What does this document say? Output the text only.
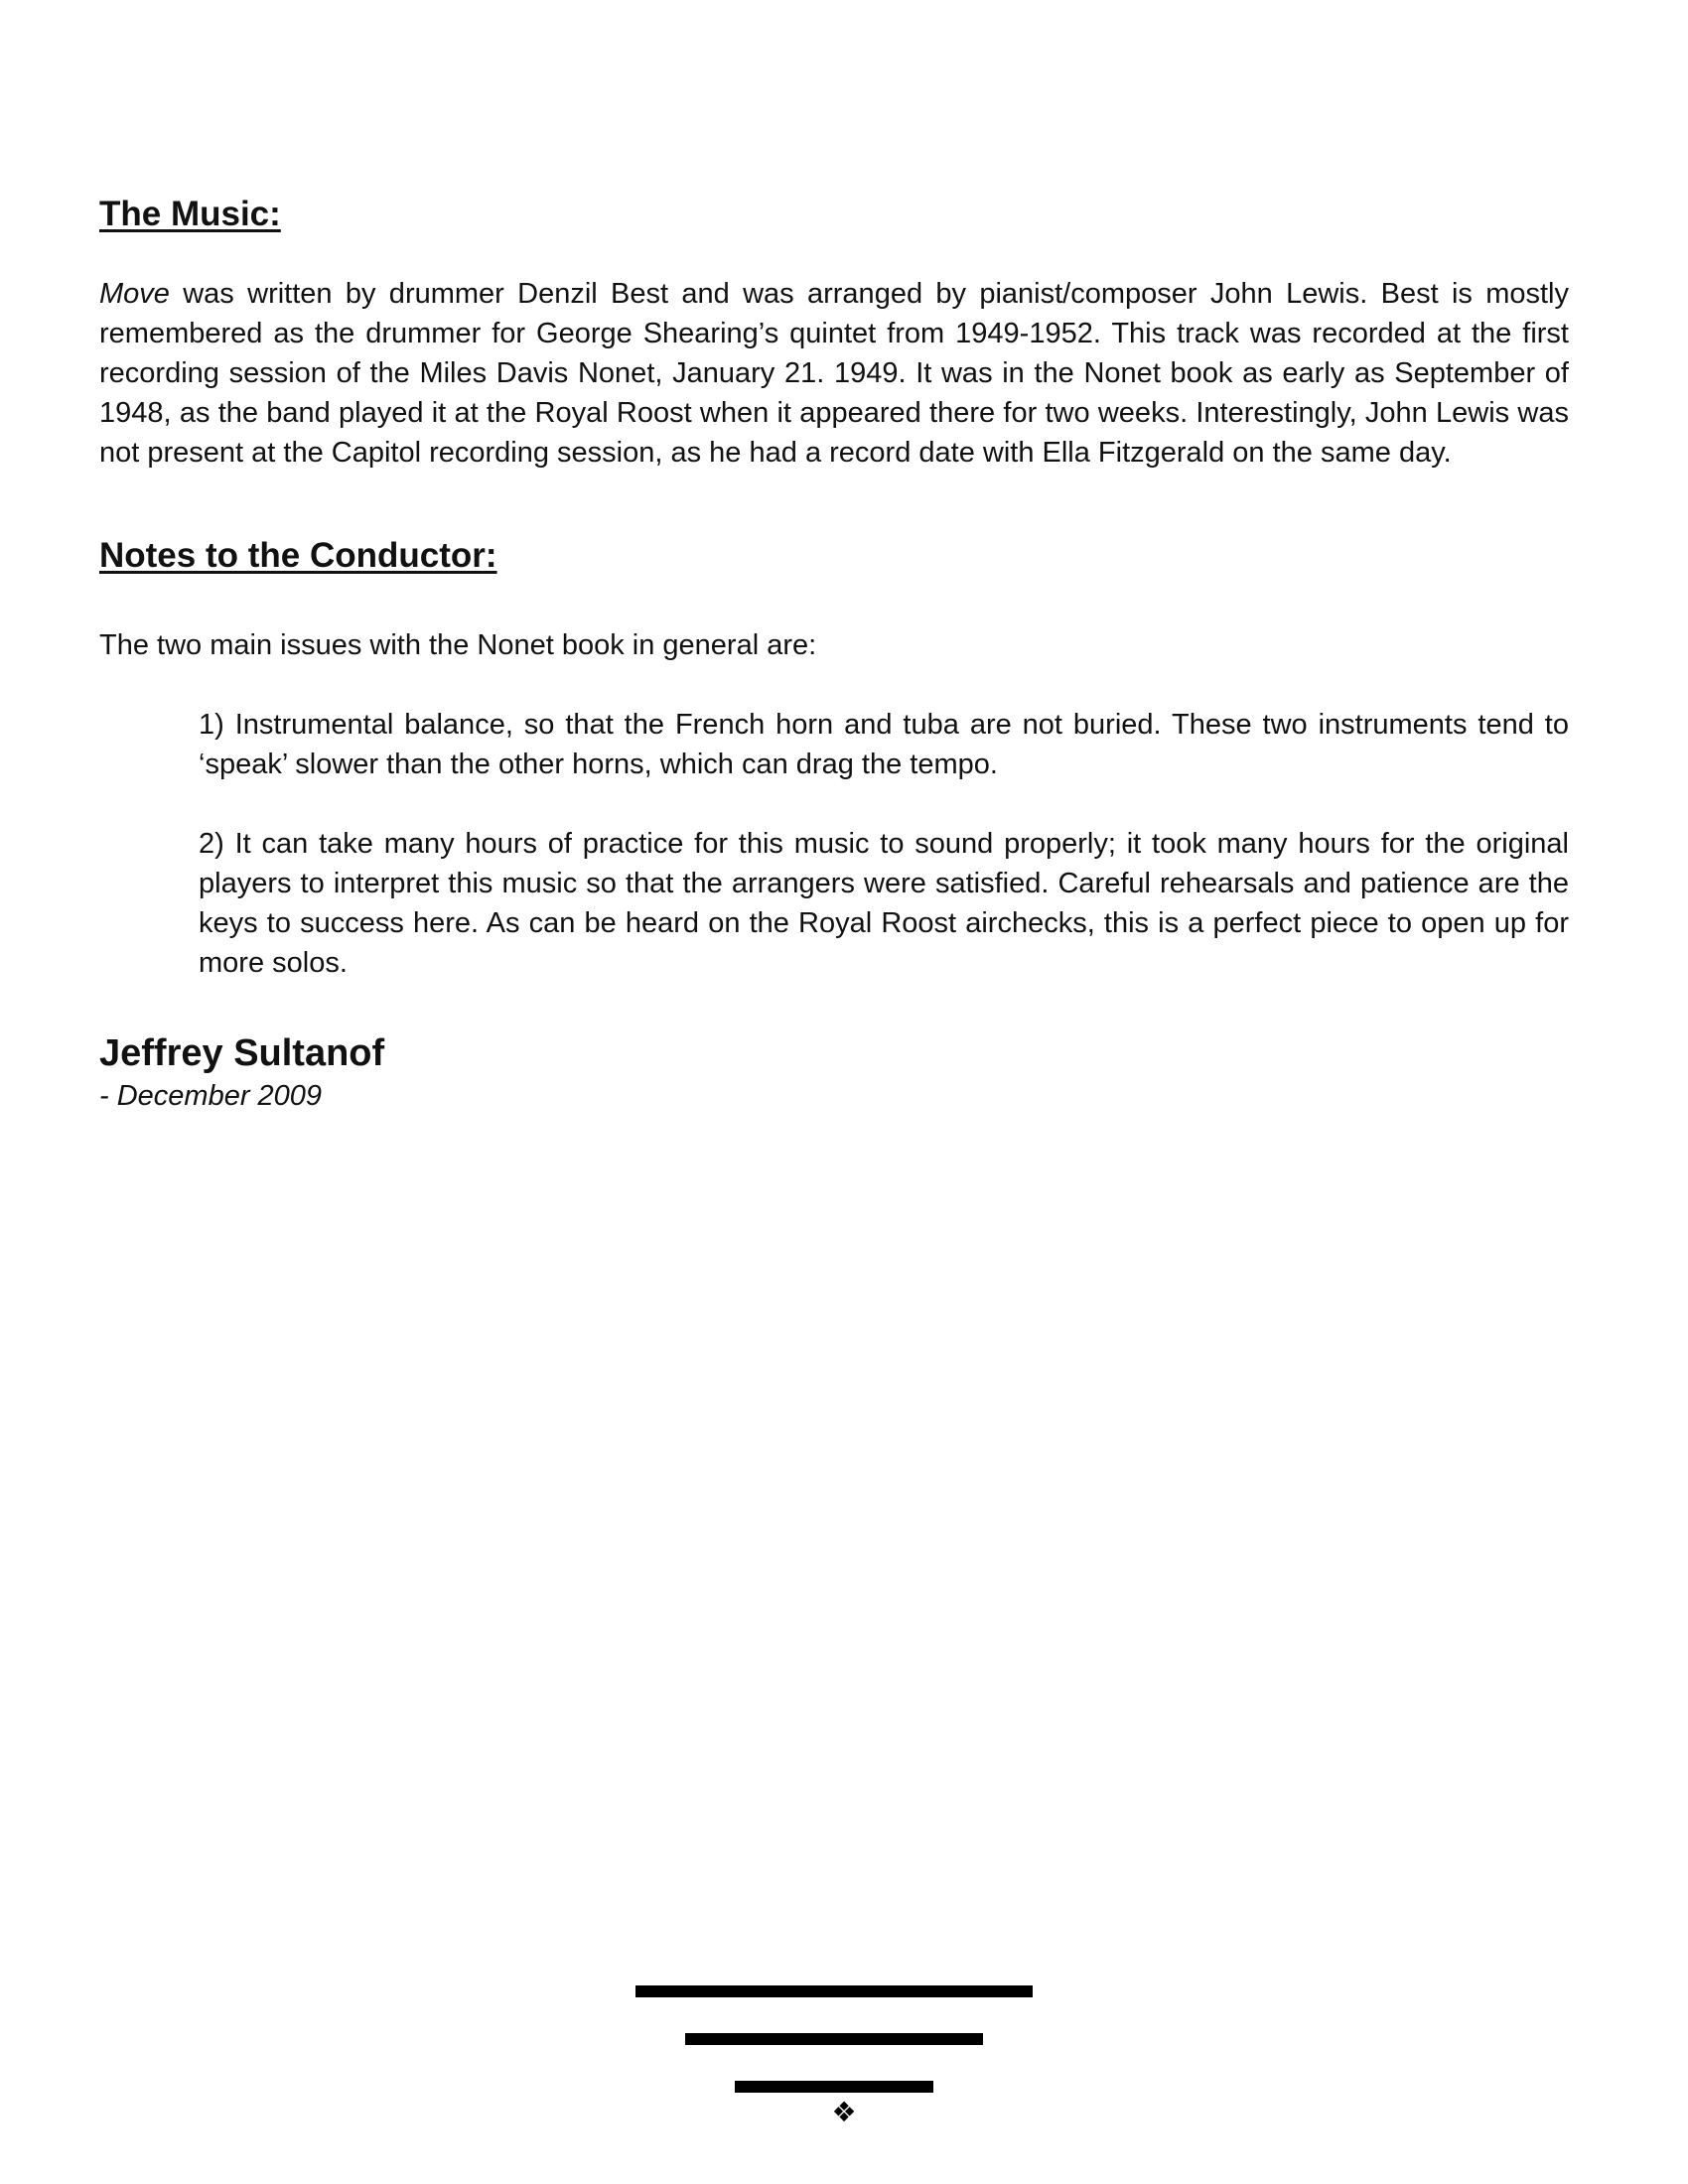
The Music:

Move was written by drummer Denzil Best and was arranged by pianist/composer John Lewis. Best is mostly remembered as the drummer for George Shearing’s quintet from 1949-1952. This track was recorded at the first recording session of the Miles Davis Nonet, January 21. 1949. It was in the Nonet book as early as September of 1948, as the band played it at the Royal Roost when it appeared there for two weeks. Interestingly, John Lewis was not present at the Capitol recording session, as he had a record date with Ella Fitzgerald on the same day.

Notes to the Conductor:

The two main issues with the Nonet book in general are:

1) Instrumental balance, so that the French horn and tuba are not buried. These two instruments tend to ‘speak’ slower than the other horns, which can drag the tempo.

2) It can take many hours of practice for this music to sound properly; it took many hours for the original players to interpret this music so that the arrangers were satisfied. Careful rehearsals and patience are the keys to success here. As can be heard on the Royal Roost airchecks, this is a perfect piece to open up for more solos.

Jeffrey Sultanof
- December 2009
❖
